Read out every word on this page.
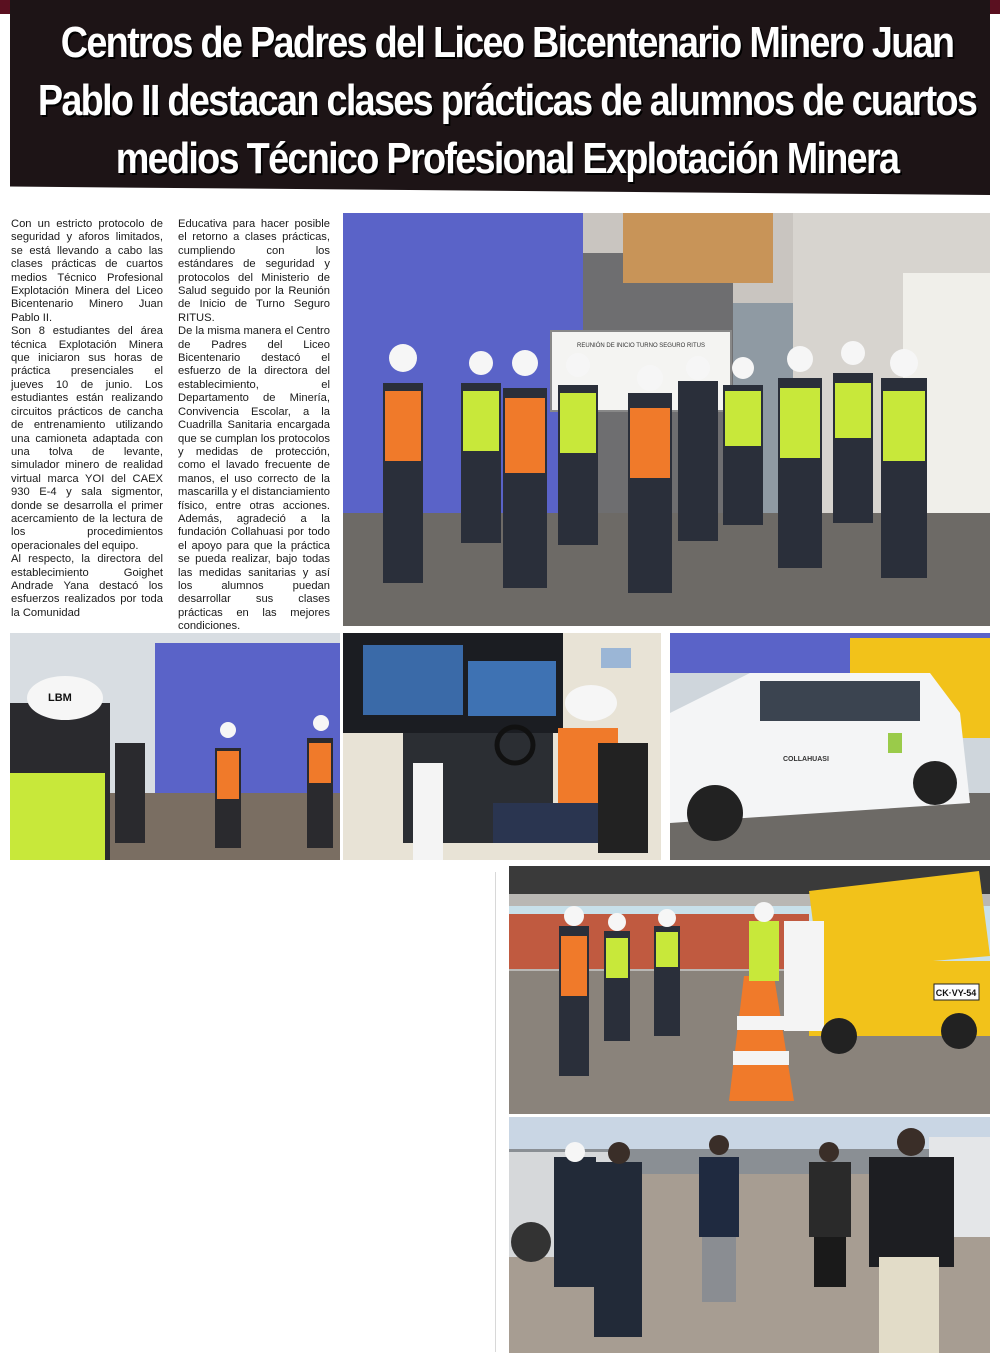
Centros de Padres del Liceo Bicentenario Minero Juan Pablo II destacan clases prácticas de alumnos de cuartos medios Técnico Profesional Explotación Minera

Con un estricto protocolo de seguridad y aforos limitados, se está llevando a cabo las clases prácticas de cuartos medios Técnico Profesional Explotación Minera del Liceo Bicentenario Minero Juan Pablo II.

Son 8 estudiantes del área técnica Explotación Minera que iniciaron sus horas de práctica presenciales el jueves 10 de junio. Los estudiantes están realizando circuitos prácticos de cancha de entrenamiento utilizando una camioneta adaptada con una tolva de levante, simulador minero de realidad virtual marca YOI del CAEX 930 E-4 y sala sigmentor, donde se desarrolla el primer acercamiento de la lectura de los procedimientos operacionales del equipo.

Al respecto, la directora del establecimiento Goighet Andrade Yana destacó los esfuerzos realizados por toda la Comunidad

Educativa para hacer posible el retorno a clases prácticas, cumpliendo con los estándares de seguridad y protocolos del Ministerio de Salud seguido por la Reunión de Inicio de Turno Seguro RITUS.

De la misma manera el Centro de Padres del Liceo Bicentenario destacó el esfuerzo de la directora del establecimiento, el Departamento de Minería, Convivencia Escolar, a la Cuadrilla Sanitaria encargada que se cumplan los protocolos y medidas de protección, como el lavado frecuente de manos, el uso correcto de la mascarilla y el distanciamiento físico, entre otras acciones. Además, agradeció a la fundación Collahuasi por todo el apoyo para que la práctica se pueda realizar, bajo todas las medidas sanitarias y así los alumnos puedan desarrollar sus clases prácticas en las mejores condiciones.

REUNIÓN DE INICIO TURNO SEGURO RITUS
LBM
COLLAHUASI
CK·VY-54
